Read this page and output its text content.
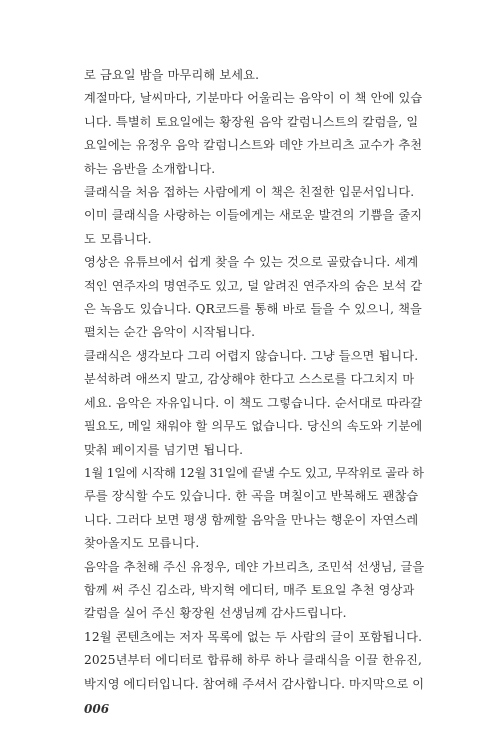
로 금요일 밤을 마무리해 보세요.

계절마다, 날씨마다, 기분마다 어울리는 음악이 이 책 안에 있습
니다. 특별히 토요일에는 황장원 음악 칼럼니스트의 칼럼을, 일
요일에는 유정우 음악 칼럼니스트와 데얀 가브리츠 교수가 추천
하는 음반을 소개합니다.

클래식을 처음 접하는 사람에게 이 책은 친절한 입문서입니다.
이미 클래식을 사랑하는 이들에게는 새로운 발견의 기쁨을 줄지
도 모릅니다.

영상은 유튜브에서 쉽게 찾을 수 있는 것으로 골랐습니다. 세계
적인 연주자의 명연주도 있고, 덜 알려진 연주자의 숨은 보석 같
은 녹음도 있습니다. QR코드를 통해 바로 들을 수 있으니, 책을
펼치는 순간 음악이 시작됩니다.

클래식은 생각보다 그리 어렵지 않습니다. 그냥 들으면 됩니다.
분석하려 애쓰지 말고, 감상해야 한다고 스스로를 다그치지 마
세요. 음악은 자유입니다. 이 책도 그렇습니다. 순서대로 따라갈
필요도, 메일 채워야 할 의무도 없습니다. 당신의 속도와 기분에
맞춰 페이지를 넘기면 됩니다.

1월 1일에 시작해 12월 31일에 끝낼 수도 있고, 무작위로 골라 하
루를 장식할 수도 있습니다. 한 곡을 며칠이고 반복해도 괜찮습
니다. 그러다 보면 평생 함께할 음악을 만나는 행운이 자연스레
찾아올지도 모릅니다.

음악을 추천해 주신 유정우, 데얀 가브리츠, 조민석 선생님, 글을
함께 써 주신 김소라, 박지혁 에디터, 매주 토요일 추천 영상과
칼럼을 실어 주신 황장원 선생님께 감사드립니다.

12월 콘텐츠에는 저자 목록에 없는 두 사람의 글이 포함됩니다.
2025년부터 에디터로 합류해 하루 하나 클래식을 이끌 한유진,
박지영 에디터입니다. 참여해 주셔서 감사합니다. 마지막으로 이

006
